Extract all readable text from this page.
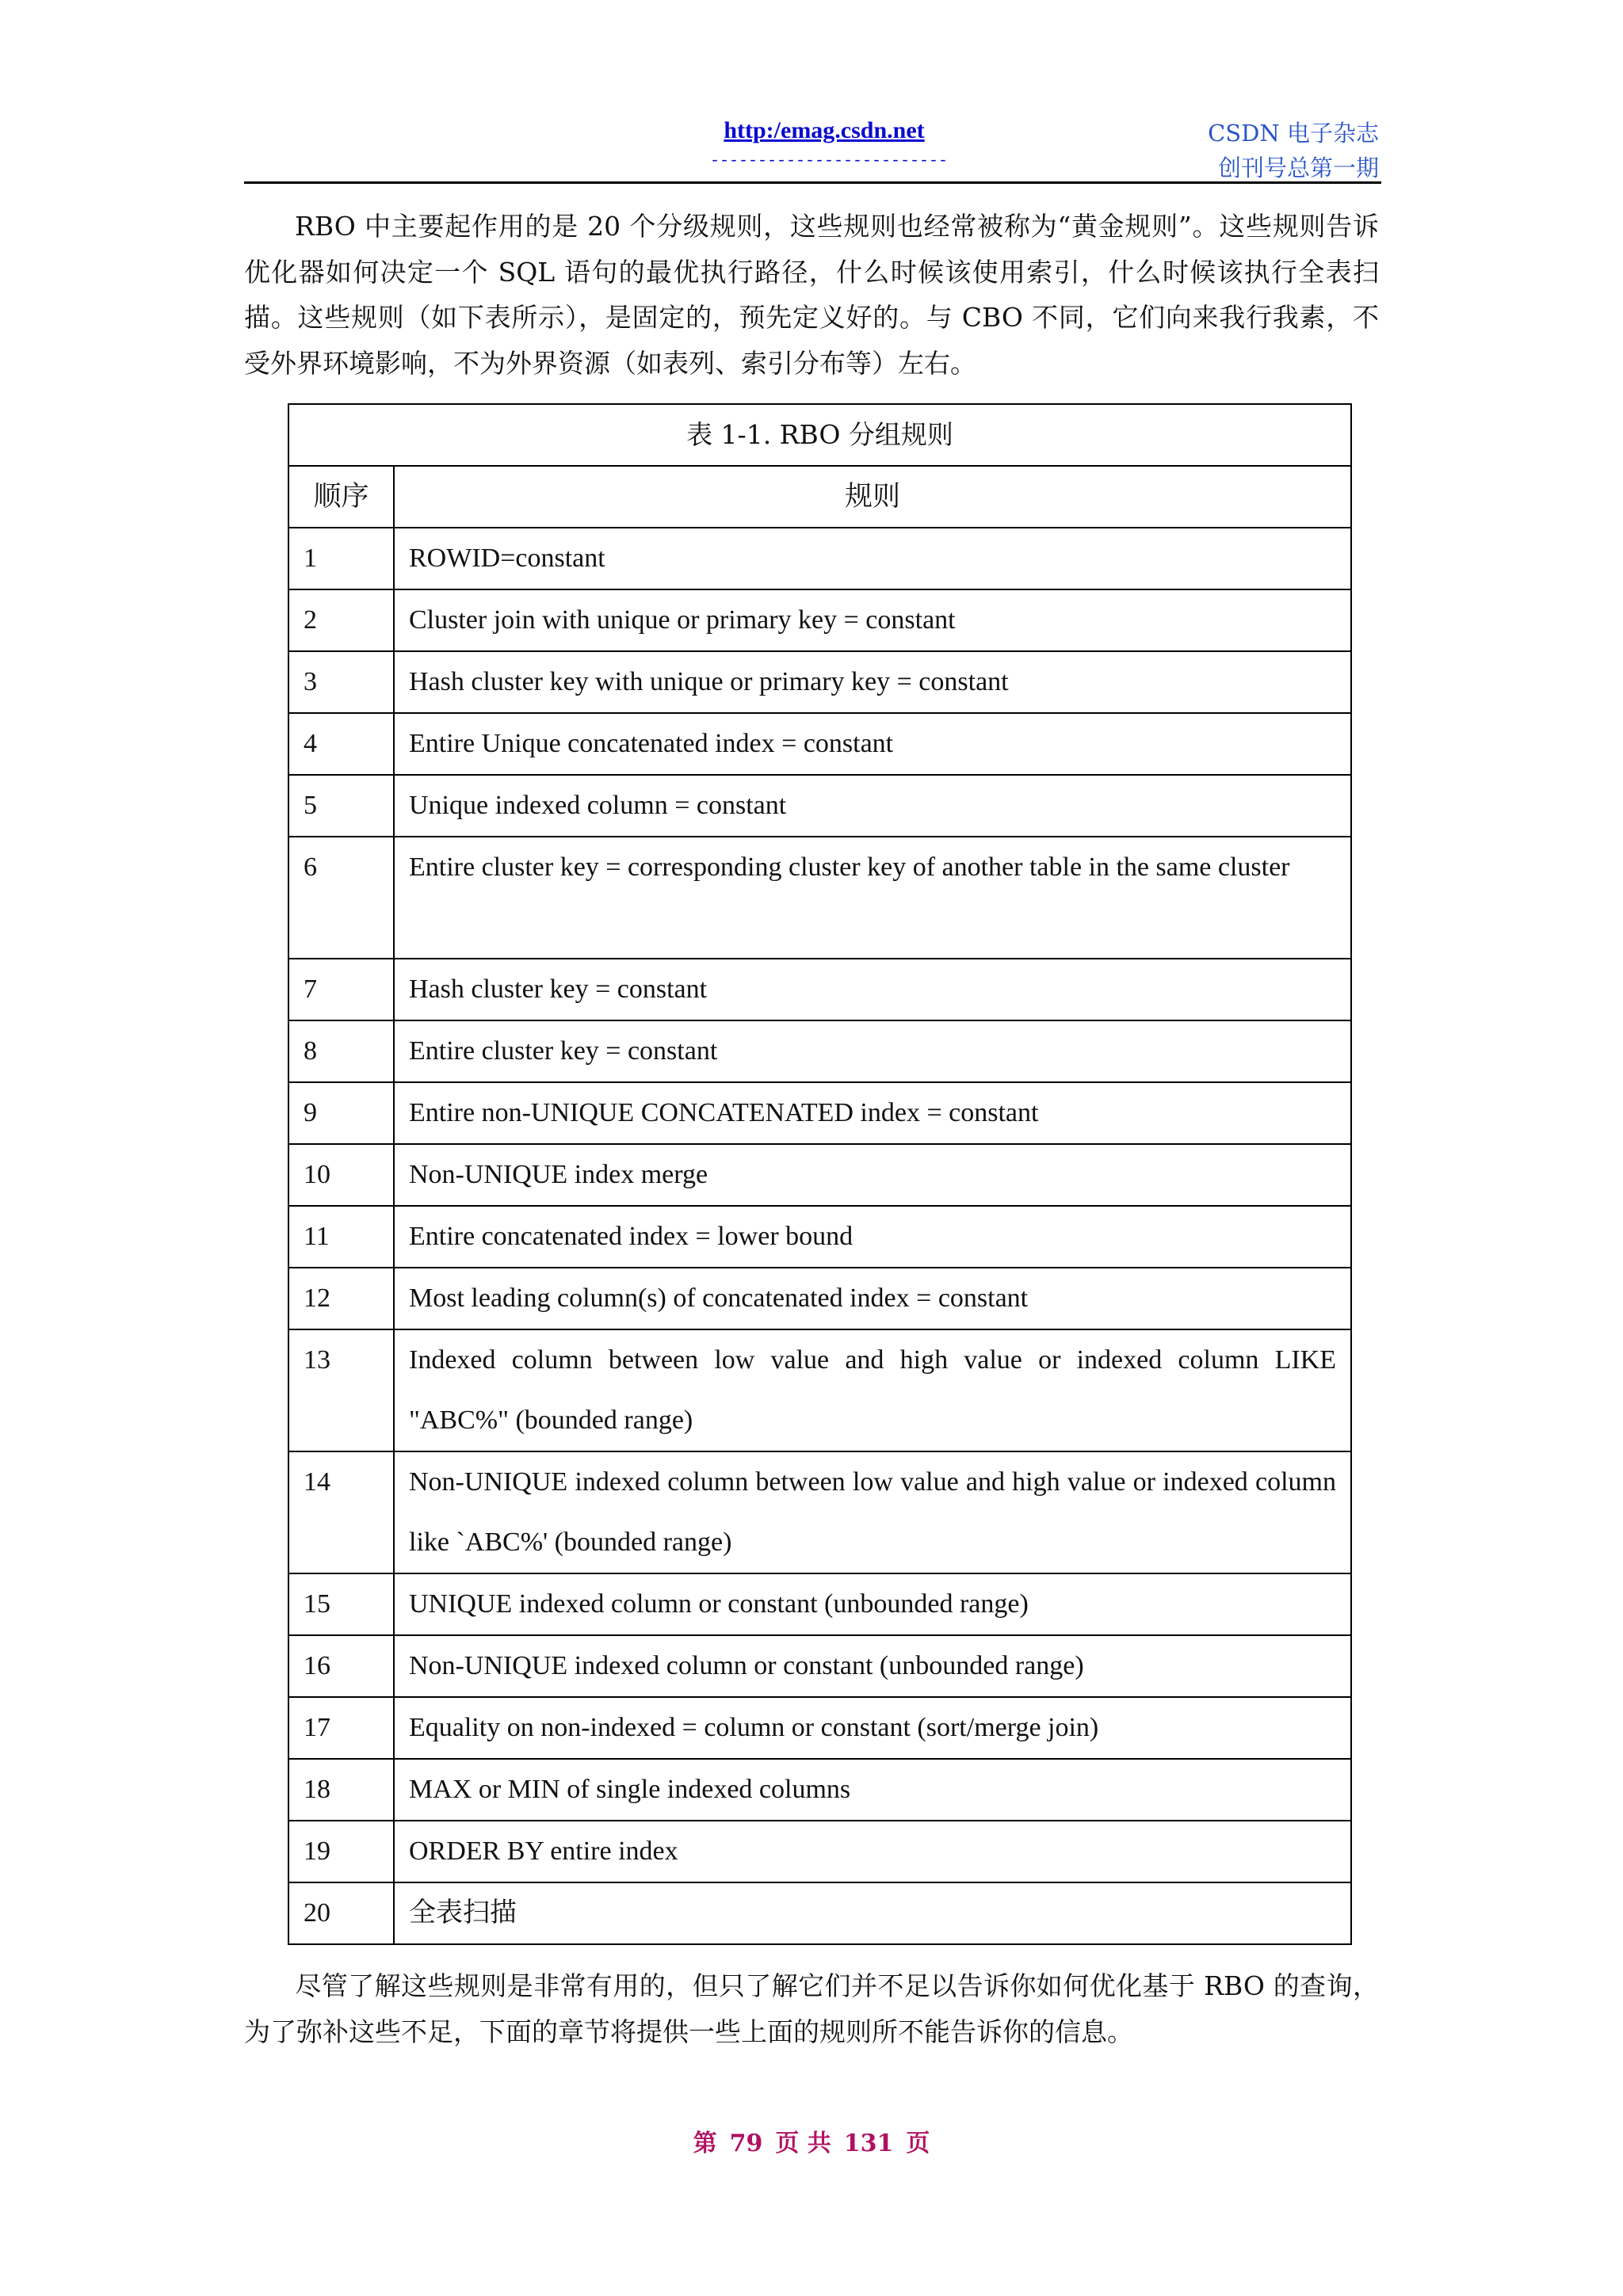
http:/emag.csdn.net
-------------------------
CSDN 电子杂志
创刊号总第一期

RBO 中主要起作用的是 20 个分级规则，这些规则也经常被称为“黄金规则”。这些规则告诉优化器如何决定一个 SQL 语句的最优执行路径，什么时候该使用索引，什么时候该执行全表扫描。这些规则（如下表所示），是固定的，预先定义好的。与 CBO 不同，它们向来我行我素，不受外界环境影响，不为外界资源（如表列、索引分布等）左右。

表 1-1. RBO 分组规则	
顺序	规则
1	ROWID=constant
2	Cluster join with unique or primary key = constant
3	Hash cluster key with unique or primary key = constant
4	Entire Unique concatenated index = constant
5	Unique indexed column = constant
6	Entire cluster key = corresponding cluster key of another table in the same cluster
7	Hash cluster key = constant
8	Entire cluster key = constant
9	Entire non-UNIQUE CONCATENATED index = constant
10	Non-UNIQUE index merge
11	Entire concatenated index = lower bound
12	Most leading column(s) of concatenated index = constant
13	Indexed column between low value and high value or indexed column LIKE "ABC%" (bounded range)
14	Non-UNIQUE indexed column between low value and high value or indexed column like `ABC%' (bounded range)
15	UNIQUE indexed column or constant (unbounded range)
16	Non-UNIQUE indexed column or constant (unbounded range)
17	Equality on non-indexed = column or constant (sort/merge join)
18	MAX or MIN of single indexed columns
19	ORDER BY entire index
20	全表扫描

尽管了解这些规则是非常有用的，但只了解它们并不足以告诉你如何优化基于 RBO 的查询，为了弥补这些不足，下面的章节将提供一些上面的规则所不能告诉你的信息。

第 79 页 共 131 页
